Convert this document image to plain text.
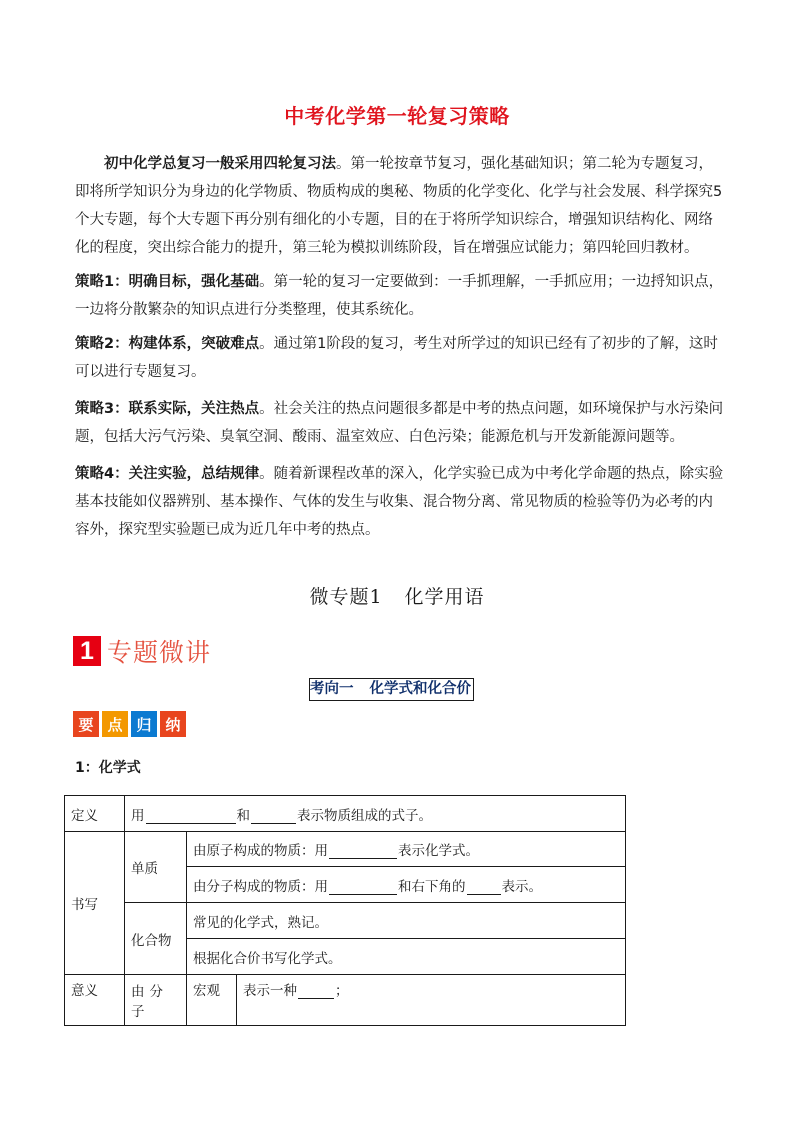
中考化学第一轮复习策略

初中化学总复习一般采用四轮复习法。第一轮按章节复习，强化基础知识；第二轮为专题复习，即将所学知识分为身边的化学物质、物质构成的奥秘、物质的化学变化、化学与社会发展、科学探究5个大专题，每个大专题下再分别有细化的小专题，目的在于将所学知识综合，增强知识结构化、网络化的程度，突出综合能力的提升，第三轮为模拟训练阶段，旨在增强应试能力；第四轮回归教材。

策略1：明确目标，强化基础。第一轮的复习一定要做到：一手抓理解，一手抓应用；一边捋知识点，一边将分散繁杂的知识点进行分类整理，使其系统化。

策略2：构建体系，突破难点。通过第1阶段的复习，考生对所学过的知识已经有了初步的了解，这时可以进行专题复习。

策略3：联系实际，关注热点。社会关注的热点问题很多都是中考的热点问题，如环境保护与水污染问题，包括大污气污染、臭氧空洞、酸雨、温室效应、白色污染；能源危机与开发新能源问题等。

策略4：关注实验，总结规律。随着新课程改革的深入，化学实验已成为中考化学命题的热点，除实验基本技能如仪器辨别、基本操作、气体的发生与收集、混合物分离、常见物质的检验等仍为必考的内容外，探究型实验题已成为近几年中考的热点。

微专题1 化学用语
1 专题微讲
考向一 化学式和化合价
要 点 归 纳
1：化学式
定义	用 和 表示物质组成的式子。		
书写	单质	由原子构成的物质：用 表示化学式。	
		由分子构成的物质：用 和右下角的 表示。	
	化合物	常见的化学式，熟记。	
		根据化合价书写化学式。	
意义	由分子	宏观	表示一种 ；
